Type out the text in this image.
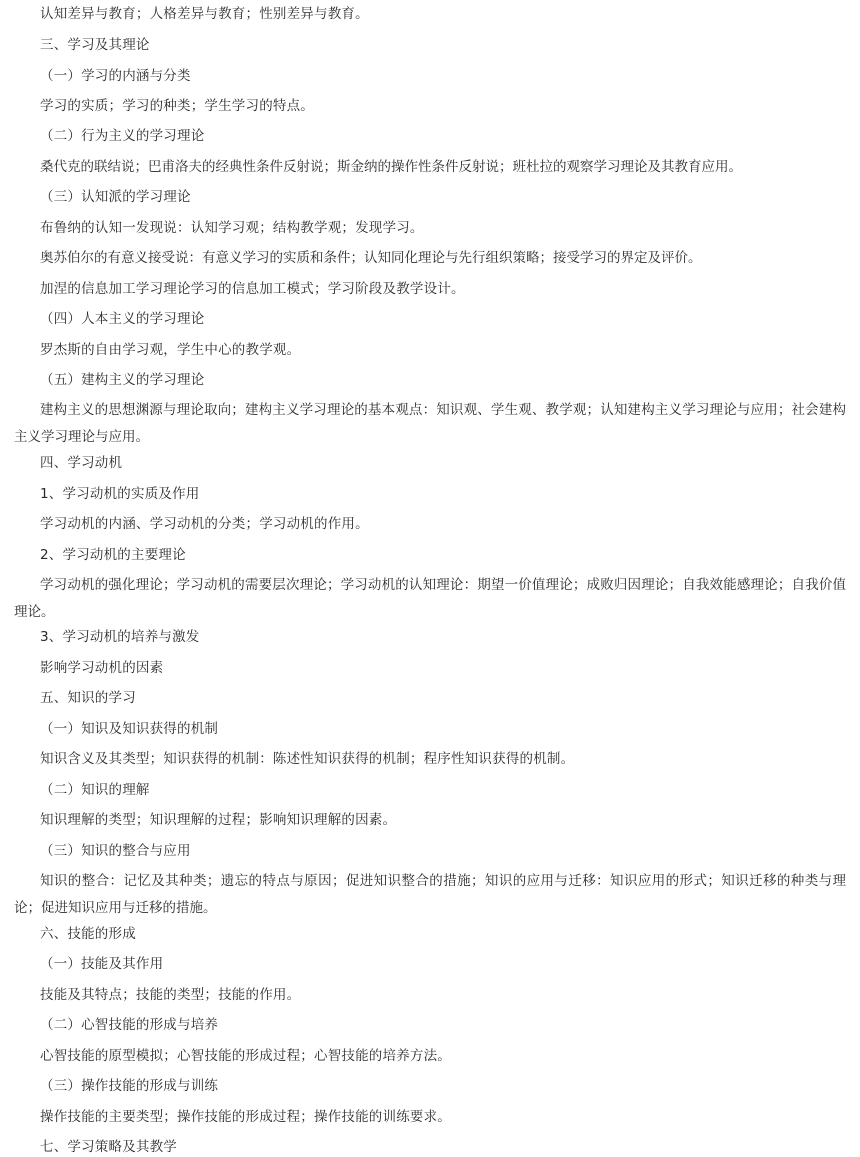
认知差异与教育；人格差异与教育；性别差异与教育。
三、学习及其理论
（一）学习的内涵与分类
学习的实质；学习的种类；学生学习的特点。
（二）行为主义的学习理论
桑代克的联结说；巴甫洛夫的经典性条件反射说；斯金纳的操作性条件反射说；班杜拉的观察学习理论及其教育应用。
（三）认知派的学习理论
布鲁纳的认知一发现说：认知学习观；结构教学观；发现学习。
奥苏伯尔的有意义接受说：有意义学习的实质和条件；认知同化理论与先行组织策略；接受学习的界定及评价。
加涅的信息加工学习理论学习的信息加工模式；学习阶段及教学设计。
（四）人本主义的学习理论
罗杰斯的自由学习观，学生中心的教学观。
（五）建构主义的学习理论
建构主义的思想渊源与理论取向；建构主义学习理论的基本观点：知识观、学生观、教学观；认知建构主义学习理论与应用；社会建构主义学习理论与应用。
四、学习动机
1、学习动机的实质及作用
学习动机的内涵、学习动机的分类；学习动机的作用。
2、学习动机的主要理论
学习动机的强化理论；学习动机的需要层次理论；学习动机的认知理论：期望一价值理论；成败归因理论；自我效能感理论；自我价值理论。
3、学习动机的培养与激发
影响学习动机的因素
五、知识的学习
（一）知识及知识获得的机制
知识含义及其类型；知识获得的机制：陈述性知识获得的机制；程序性知识获得的机制。
（二）知识的理解
知识理解的类型；知识理解的过程；影响知识理解的因素。
（三）知识的整合与应用
知识的整合：记忆及其种类；遗忘的特点与原因；促进知识整合的措施；知识的应用与迁移：知识应用的形式；知识迁移的种类与理论；促进知识应用与迁移的措施。
六、技能的形成
（一）技能及其作用
技能及其特点；技能的类型；技能的作用。
（二）心智技能的形成与培养
心智技能的原型模拟；心智技能的形成过程；心智技能的培养方法。
（三）操作技能的形成与训练
操作技能的主要类型；操作技能的形成过程；操作技能的训练要求。
七、学习策略及其教学
